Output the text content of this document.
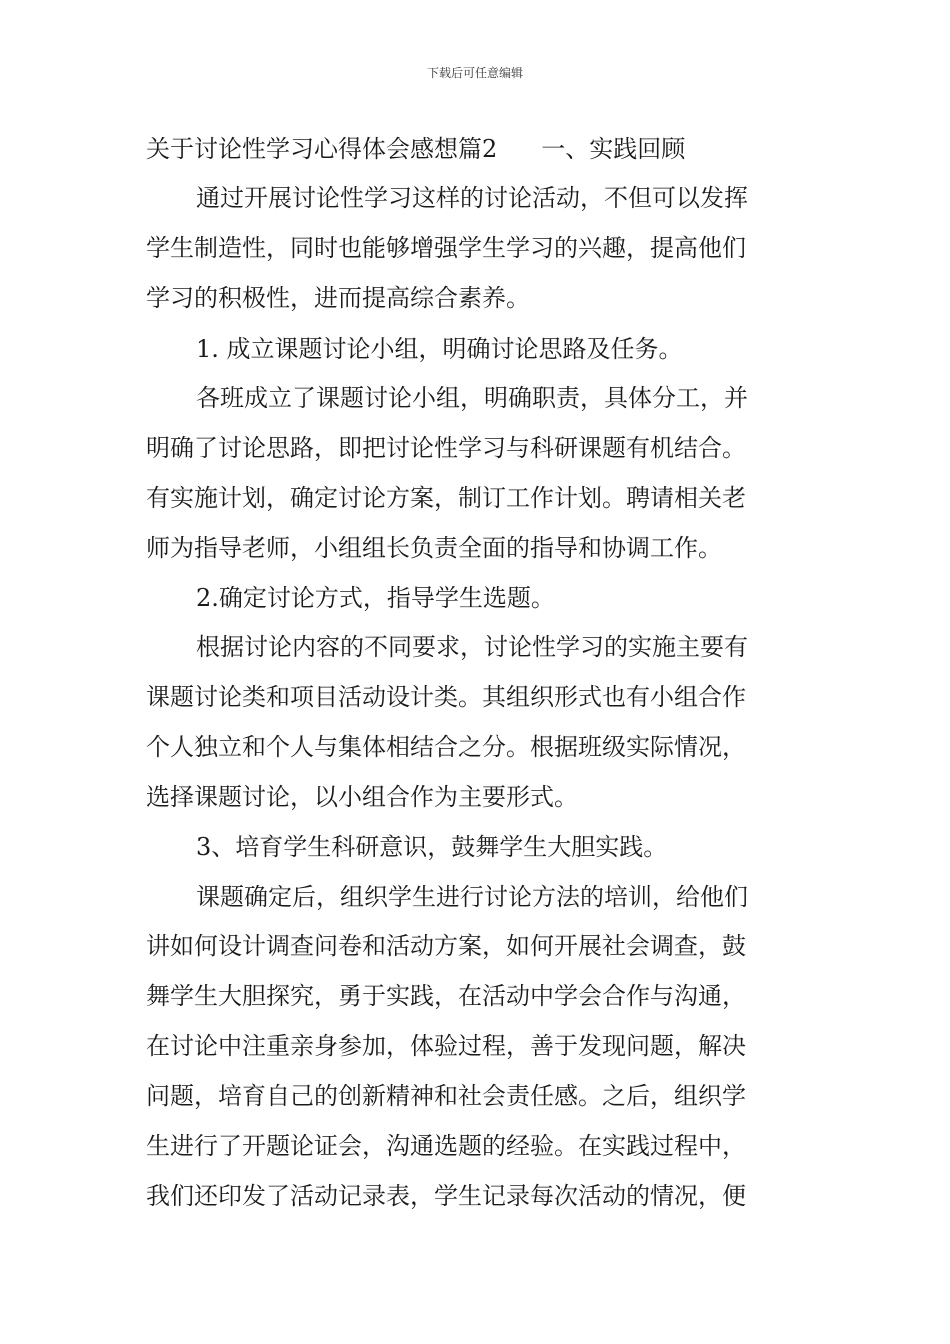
下载后可任意编辑
关于讨论性学习心得体会感想篇2 一、实践回顾
通过开展讨论性学习这样的讨论活动，不但可以发挥
学生制造性，同时也能够增强学生学习的兴趣，提高他们
学习的积极性，进而提高综合素养。
1. 成立课题讨论小组，明确讨论思路及任务。
各班成立了课题讨论小组，明确职责，具体分工，并
明确了讨论思路，即把讨论性学习与科研课题有机结合。
有实施计划，确定讨论方案，制订工作计划。聘请相关老
师为指导老师，小组组长负责全面的指导和协调工作。
2.确定讨论方式，指导学生选题。
根据讨论内容的不同要求，讨论性学习的实施主要有
课题讨论类和项目活动设计类。其组织形式也有小组合作
个人独立和个人与集体相结合之分。根据班级实际情况，
选择课题讨论，以小组合作为主要形式。
3、培育学生科研意识，鼓舞学生大胆实践。
课题确定后，组织学生进行讨论方法的培训，给他们
讲如何设计调查问卷和活动方案，如何开展社会调查，鼓
舞学生大胆探究，勇于实践，在活动中学会合作与沟通，
在讨论中注重亲身参加，体验过程，善于发现问题，解决
问题，培育自己的创新精神和社会责任感。之后，组织学
生进行了开题论证会，沟通选题的经验。在实践过程中，
我们还印发了活动记录表，学生记录每次活动的情况，便
